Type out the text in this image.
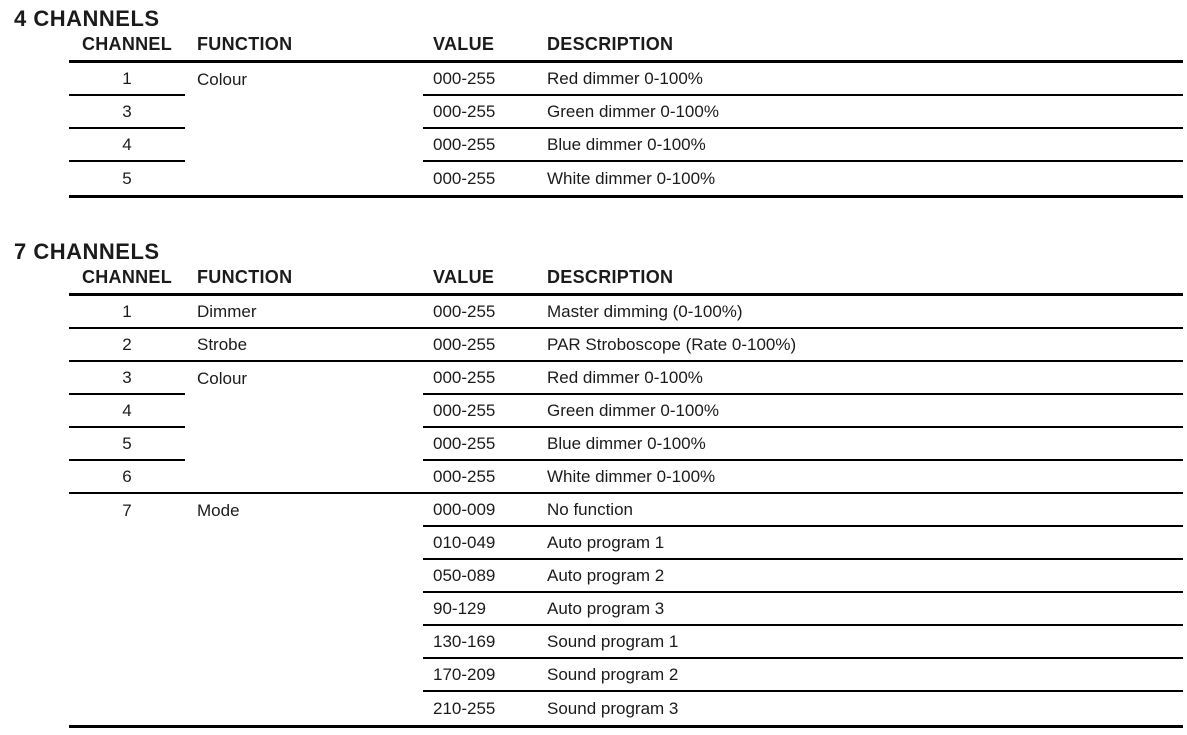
4 CHANNELS
CHANNEL	FUNCTION	VALUE	DESCRIPTION
1	Colour	000-255	Red dimmer 0-100%
3	000-255	Green dimmer 0-100%
4	000-255	Blue dimmer 0-100%
5	000-255	White dimmer 0-100%
7 CHANNELS
CHANNEL	FUNCTION	VALUE	DESCRIPTION
1	Dimmer	000-255	Master dimming (0-100%)
2	Strobe	000-255	PAR Stroboscope (Rate 0-100%)
3	Colour	000-255	Red dimmer 0-100%
4	000-255	Green dimmer 0-100%
5	000-255	Blue dimmer 0-100%
6	000-255	White dimmer 0-100%
7	Mode	000-009	No function
010-049	Auto program 1
050-089	Auto program 2
90-129	Auto program 3
130-169	Sound program 1
170-209	Sound program 2
210-255	Sound program 3
